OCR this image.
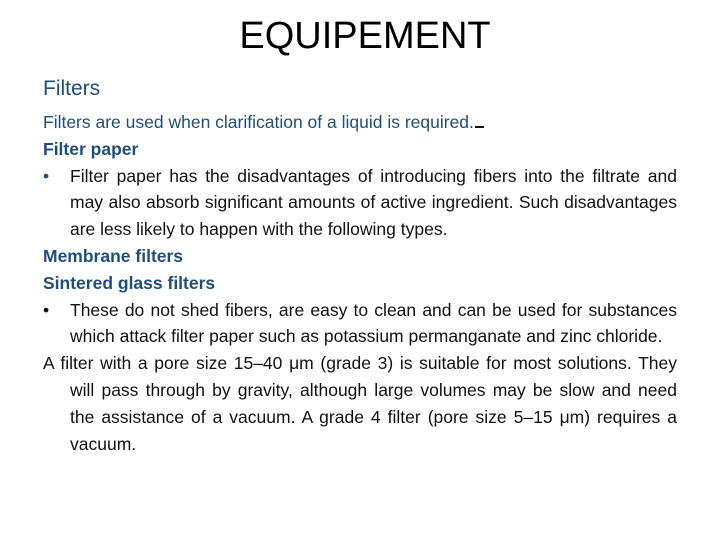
EQUIPEMENT
Filters
Filters are used when clarification of a liquid is required.
Filter paper
• Filter paper has the disadvantages of introducing fibers into the filtrate and may also absorb significant amounts of active ingredient. Such disadvantages are less likely to happen with the following types.
Membrane filters
Sintered glass filters
• These do not shed fibers, are easy to clean and can be used for substances which attack filter paper such as potassium permanganate and zinc chloride.
A filter with a pore size 15–40 μm (grade 3) is suitable for most solutions. They will pass through by gravity, although large volumes may be slow and need the assistance of a vacuum. A grade 4 filter (pore size 5–15 μm) requires a vacuum.
